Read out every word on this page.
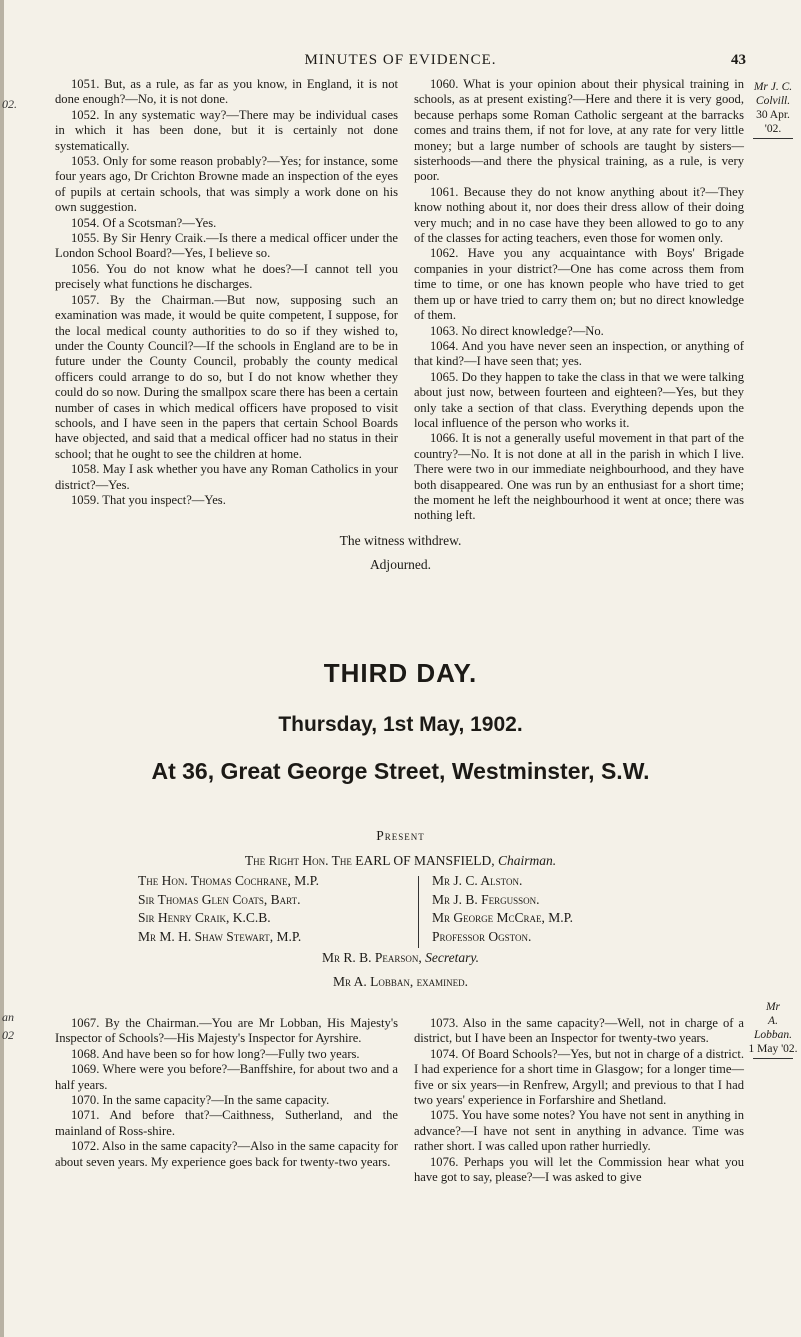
02.
an
02
MINUTES OF EVIDENCE.	43

1051. But, as a rule, as far as you know, in England, it is not done enough?—No, it is not done.

1052. In any systematic way?—There may be individual cases in which it has been done, but it is certainly not done systematically.

1053. Only for some reason probably?—Yes; for instance, some four years ago, Dr Crichton Browne made an inspection of the eyes of pupils at certain schools, that was simply a work done on his own suggestion.

1054. Of a Scotsman?—Yes.

1055. By Sir Henry Craik.—Is there a medical officer under the London School Board?—Yes, I believe so.

1056. You do not know what he does?—I cannot tell you precisely what functions he discharges.

1057. By the Chairman.—But now, supposing such an examination was made, it would be quite competent, I suppose, for the local medical county authorities to do so if they wished to, under the County Council?—If the schools in England are to be in future under the County Council, probably the county medical officers could arrange to do so, but I do not know whether they could do so now. During the smallpox scare there has been a certain number of cases in which medical officers have proposed to visit schools, and I have seen in the papers that certain School Boards have objected, and said that a medical officer had no status in their school; that he ought to see the children at home.

1058. May I ask whether you have any Roman Catholics in your district?—Yes.

1059. That you inspect?—Yes.

1060. What is your opinion about their physical training in schools, as at present existing?—Here and there it is very good, because perhaps some Roman Catholic sergeant at the barracks comes and trains them, if not for love, at any rate for very little money; but a large number of schools are taught by sisters—sisterhoods—and there the physical training, as a rule, is very poor.

1061. Because they do not know anything about it?—They know nothing about it, nor does their dress allow of their doing very much; and in no case have they been allowed to go to any of the classes for acting teachers, even those for women only.

1062. Have you any acquaintance with Boys' Brigade companies in your district?—One has come across them from time to time, or one has known people who have tried to get them up or have tried to carry them on; but no direct knowledge of them.

1063. No direct knowledge?—No.

1064. And you have never seen an inspection, or anything of that kind?—I have seen that; yes.

1065. Do they happen to take the class in that we were talking about just now, between fourteen and eighteen?—Yes, but they only take a section of that class. Everything depends upon the local influence of the person who works it.

1066. It is not a generally useful movement in that part of the country?—No. It is not done at all in the parish in which I live. There were two in our immediate neighbourhood, and they have both disappeared. One was run by an enthusiast for a short time; the moment he left the neighbourhood it went at once; there was nothing left.

Mr J. C.
Colvill.
30 Apr. '02.
The witness withdrew.
Adjourned.
THIRD DAY.
Thursday, 1st May, 1902.
At 36, Great George Street, Westminster, S.W.
Present
The Right Hon. The EARL OF MANSFIELD, Chairman.
The Hon. Thomas Cochrane, M.P.
Sir Thomas Glen Coats, Bart.
Sir Henry Craik, K.C.B.
Mr M. H. Shaw Stewart, M.P.
Mr J. C. Alston.
Mr J. B. Fergusson.
Mr George McCrae, M.P.
Professor Ogston.
Mr R. B. Pearson, Secretary.
Mr A. Lobban, examined.
Mr
A. Lobban.
1 May '02.

1067. By the Chairman.—You are Mr Lobban, His Majesty's Inspector of Schools?—His Majesty's Inspector for Ayrshire.

1068. And have been so for how long?—Fully two years.

1069. Where were you before?—Banffshire, for about two and a half years.

1070. In the same capacity?—In the same capacity.

1071. And before that?—Caithness, Sutherland, and the mainland of Ross-shire.

1072. Also in the same capacity?—Also in the same capacity for about seven years. My experience goes back for twenty-two years.

1073. Also in the same capacity?—Well, not in charge of a district, but I have been an Inspector for twenty-two years.

1074. Of Board Schools?—Yes, but not in charge of a district. I had experience for a short time in Glasgow; for a longer time—five or six years—in Renfrew, Argyll; and previous to that I had two years' experience in Forfarshire and Shetland.

1075. You have some notes? You have not sent in anything in advance?—I have not sent in anything in advance. Time was rather short. I was called upon rather hurriedly.

1076. Perhaps you will let the Commission hear what you have got to say, please?—I was asked to give
